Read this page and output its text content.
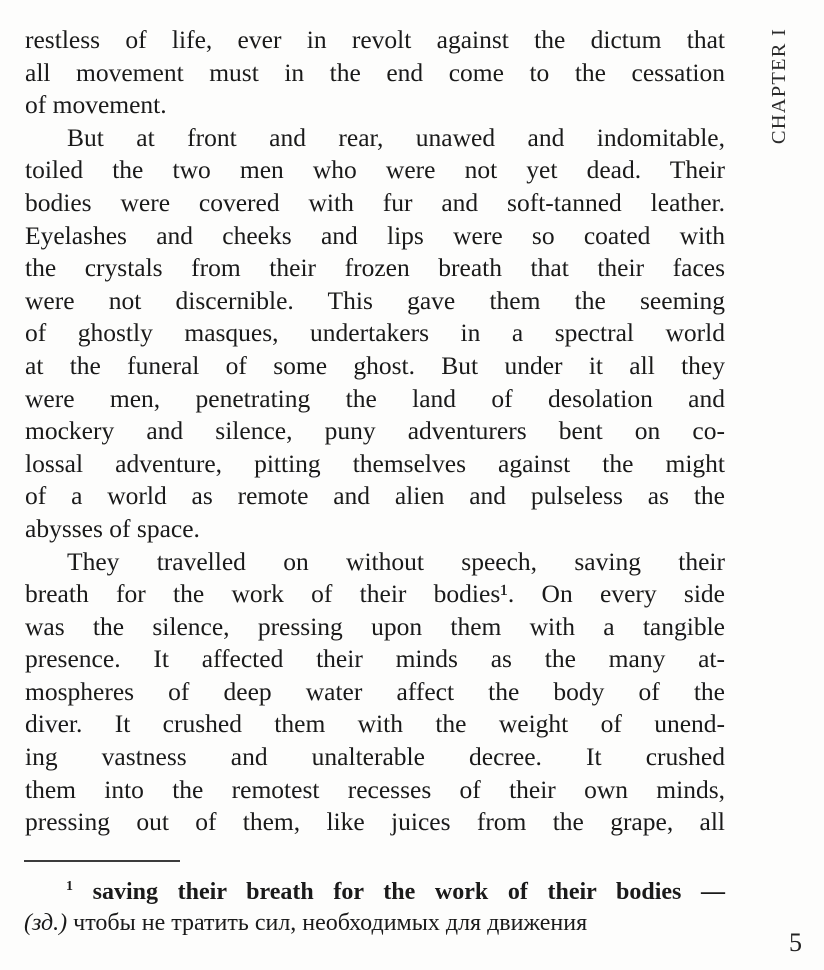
CHAPTER I
restless of life, ever in revolt against the dictum that
all movement must in the end come to the cessation
of movement.
But at front and rear, unawed and indomitable,
toiled the two men who were not yet dead. Their
bodies were covered with fur and soft-tanned leather.
Eyelashes and cheeks and lips were so coated with
the crystals from their frozen breath that their faces
were not discernible. This gave them the seeming
of ghostly masques, undertakers in a spectral world
at the funeral of some ghost. But under it all they
were men, penetrating the land of desolation and
mockery and silence, puny adventurers bent on co-
lossal adventure, pitting themselves against the might
of a world as remote and alien and pulseless as the
abysses of space.
They travelled on without speech, saving their
breath for the work of their bodies¹. On every side
was the silence, pressing upon them with a tangible
presence. It affected their minds as the many at-
mospheres of deep water affect the body of the
diver. It crushed them with the weight of unend-
ing vastness and unalterable decree. It crushed
them into the remotest recesses of their own minds,
pressing out of them, like juices from the grape, all
$^1$ saving their breath for the work of their bodies —
(зд.) чтобы не тратить сил, необходимых для движения
5
